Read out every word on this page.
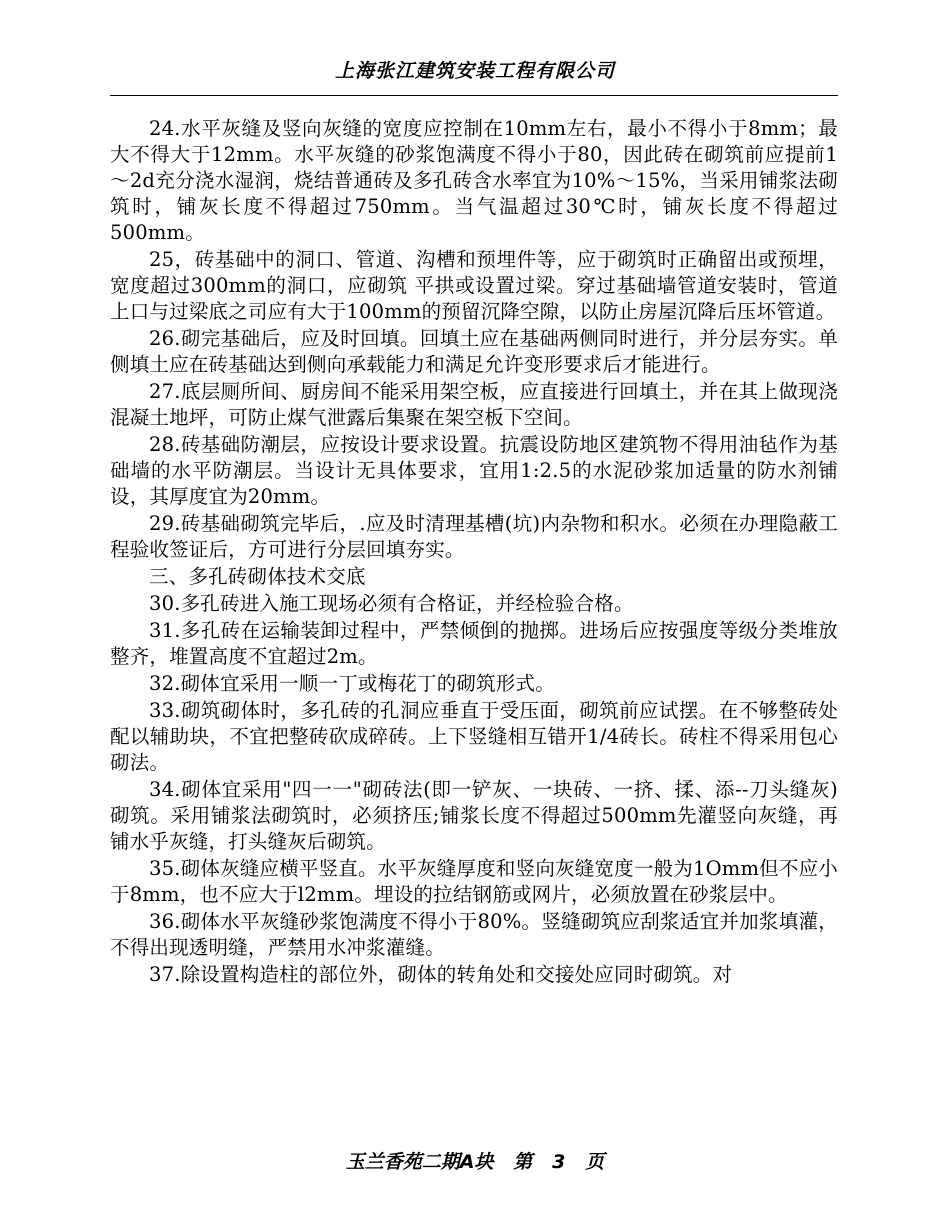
上海张江建筑安装工程有限公司

24.水平灰缝及竖向灰缝的宽度应控制在10mm左右，最小不得小于8mm；最大不得大于12mm。水平灰缝的砂浆饱满度不得小于80，因此砖在砌筑前应提前1～2d充分浇水湿润，烧结普通砖及多孔砖含水率宜为10%～15%，当采用铺浆法砌筑时，铺灰长度不得超过750mm。当气温超过30℃时，铺灰长度不得超过500mm。

25，砖基础中的洞口、管道、沟槽和预埋件等，应于砌筑时正确留出或预埋，宽度超过300mm的洞口，应砌筑 平拱或设置过梁。穿过基础墙管道安装时，管道上口与过梁底之司应有大于100mm的预留沉降空隙，以防止房屋沉降后压坏管道。

26.砌完基础后，应及时回填。回填土应在基础两侧同时进行，并分层夯实。单侧填土应在砖基础达到侧向承载能力和满足允许变形要求后才能进行。

27.底层厕所间、厨房间不能采用架空板，应直接进行回填土，并在其上做现浇混凝土地坪，可防止煤气泄露后集聚在架空板下空间。

28.砖基础防潮层，应按设计要求设置。抗震设防地区建筑物不得用油毡作为基础墙的水平防潮层。当设计无具体要求，宜用1:2.5的水泥砂浆加适量的防水剂铺设，其厚度宜为20mm。

29.砖基础砌筑完毕后，.应及时清理基槽(坑)内杂物和积水。必须在办理隐蔽工程验收签证后，方可进行分层回填夯实。

三、多孔砖砌体技术交底

30.多孔砖进入施工现场必须有合格证，并经检验合格。

31.多孔砖在运输装卸过程中，严禁倾倒的抛掷。进场后应按强度等级分类堆放整齐，堆置高度不宜超过2m。

32.砌体宜采用一顺一丁或梅花丁的砌筑形式。

33.砌筑砌体时，多孔砖的孔洞应垂直于受压面，砌筑前应试摆。在不够整砖处配以辅助块，不宜把整砖砍成碎砖。上下竖缝相互错开1/4砖长。砖柱不得采用包心砌法。

34.砌体宜采用"四一一"砌砖法(即一铲灰、一块砖、一挤、揉、添--刀头缝灰)砌筑。采用铺浆法砌筑时，必须挤压;铺浆长度不得超过500mm先灌竖向灰缝，再铺水乎灰缝，打头缝灰后砌筑。

35.砌体灰缝应横平竖直。水平灰缝厚度和竖向灰缝宽度一般为1Omm但不应小于8mm，也不应大于l2mm。埋设的拉结钢筋或网片，必须放置在砂浆层中。

36.砌体水平灰缝砂浆饱满度不得小于80%。竖缝砌筑应刮浆适宜并加浆填灌，不得出现透明缝，严禁用水冲浆灌缝。

37.除设置构造柱的部位外，砌体的转角处和交接处应同时砌筑。对

玉兰香苑二期A块 第 3 页
